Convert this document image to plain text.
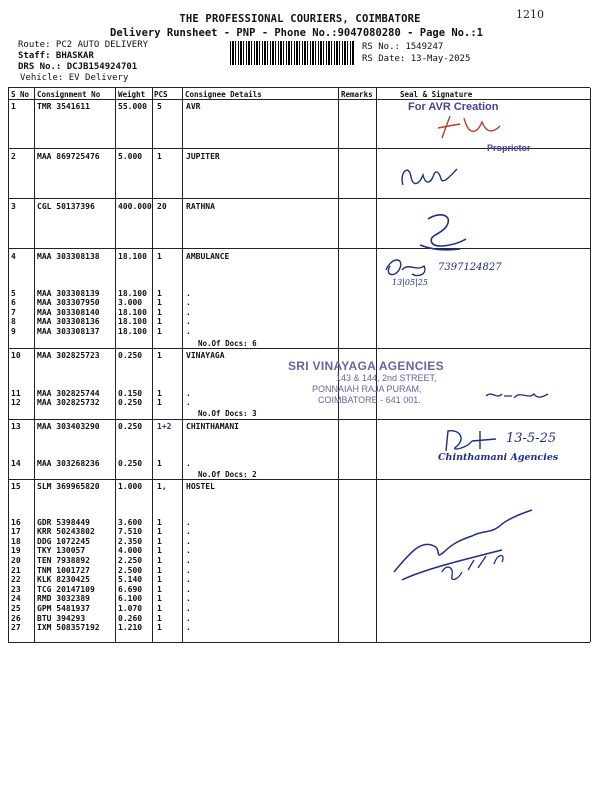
1210
THE PROFESSIONAL COURIERS, COIMBATORE
Delivery Runsheet - PNP - Phone No.:9047080280 - Page No.:1
Route: PC2 AUTO DELIVERY
Staff: BHASKAR
DRS No.: DCJB154924701
Vehicle: EV Delivery
RS No.: 1549247
RS Date: 13-May-2025
S No Consignment No Weight PCS Consignee Details	Remarks	Seal & Signature
1	TMR 3541611	55.000 5	AVR
2	MAA 869725476 5.000 1	JUPITER
3	CGL 50137396	400.000 20 RATHNA
4	MAA 303308138 18.100 1	AMBULANCE
5	MAA 303308139 18.100 1	.
6	MAA 303307950 3.000 1	.
7	MAA 303308140 18.100 1	.
8	MAA 303308136 18.100 1	.
9	MAA 303308137 18.100 1	.
10 MAA 302825723 0.250 1	VINAYAGA
11 MAA 302825744 0.150 1	.
12 MAA 302825732 0.250 1	.
13 MAA 303403290 0.250 1+2 CHINTHAMANI
14 MAA 303268236 0.250 1	.
15 SLM 369965820 1.000 1, HOSTEL
16 GDR 5398449	3.600 1	.
17 KRR 50243802	7.510 1	.
18 DDG 1072245	2.350 1	.
19 TKY 130057	4.000 1	.
20 TEN 7938892	2.250 1	.
21 TNM 1001727	2.500 1	.
22 KLK 8230425	5.140 1	.
23 TCG 20147109	6.690 1	.
24 RMD 3032389	6.100 1	.
25 GPM 5481937	1.070 1	.
26 BTU 394293	0.260 1	.
27 IXM 508357192 1.210 1	.
No.Of Docs: 6
No.Of Docs: 3
No.Of Docs: 2
For AVR Creation
Proprietor
7397124827
13|05|25
SRI VINAYAGA AGENCIES
143 & 144, 2nd STREET,
PONNAIAH RAJA PURAM,
COIMBATORE - 641 001.
13-5-25
Chinthamani Agencies
